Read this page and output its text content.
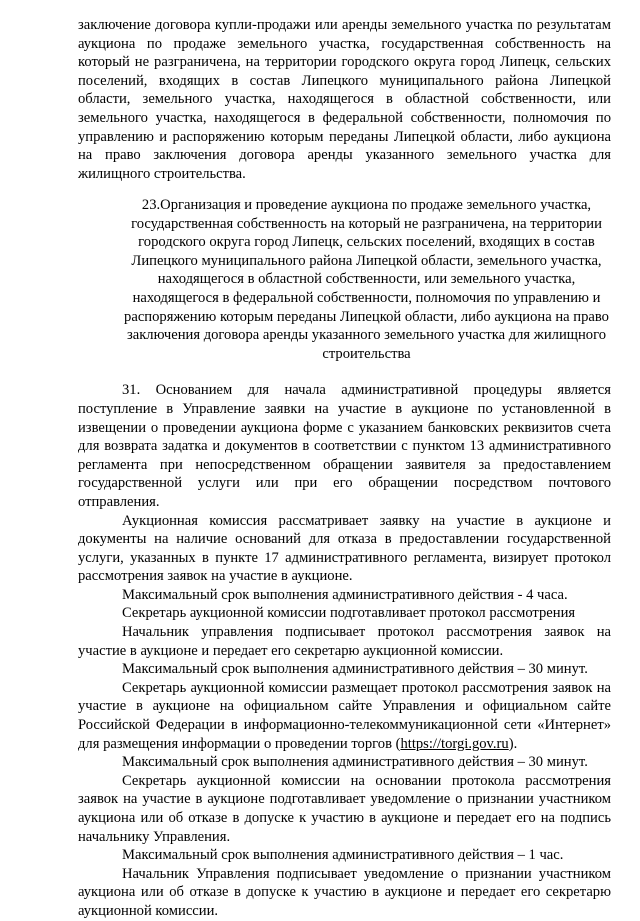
заключение договора купли-продажи или аренды земельного участка по результатам аукциона по продаже земельного участка, государственная собственность на который не разграничена, на территории городского округа город Липецк, сельских поселений, входящих в состав Липецкого муниципального района Липецкой области, земельного участка, находящегося в областной собственности, или земельного участка, находящегося в федеральной собственности, полномочия по управлению и распоряжению которым переданы Липецкой области, либо аукциона на право заключения договора аренды указанного земельного участка для жилищного строительства.

23.Организация и проведение аукциона по продаже земельного участка, государственная собственность на который не разграничена, на территории городского округа город Липецк, сельских поселений, входящих в состав Липецкого муниципального района Липецкой области, земельного участка, находящегося в областной собственности, или земельного участка, находящегося в федеральной собственности, полномочия по управлению и распоряжению которым переданы Липецкой области, либо аукциона на право заключения договора аренды указанного земельного участка для жилищного строительства

31. Основанием для начала административной процедуры является поступление в Управление заявки на участие в аукционе по установленной в извещении о проведении аукциона форме с указанием банковских реквизитов счета для возврата задатка и документов в соответствии с пунктом 13 административного регламента при непосредственном обращении заявителя за предоставлением государственной услуги или при его обращении посредством почтового отправления.

Аукционная комиссия рассматривает заявку на участие в аукционе и документы на наличие оснований для отказа в предоставлении государственной услуги, указанных в пункте 17 административного регламента, визирует протокол рассмотрения заявок на участие в аукционе.

Максимальный срок выполнения административного действия - 4 часа.

Секретарь аукционной комиссии подготавливает протокол рассмотрения

Начальник управления подписывает протокол рассмотрения заявок на участие в аукционе и передает его секретарю аукционной комиссии.

Максимальный срок выполнения административного действия – 30 минут.

Секретарь аукционной комиссии размещает протокол рассмотрения заявок на участие в аукционе на официальном сайте Управления и официальном сайте Российской Федерации в информационно-телекоммуникационной сети «Интернет» для размещения информации о проведении торгов (https://torgi.gov.ru).

Максимальный срок выполнения административного действия – 30 минут.

Секретарь аукционной комиссии на основании протокола рассмотрения заявок на участие в аукционе подготавливает уведомление о признании участником аукциона или об отказе в допуске к участию в аукционе и передает его на подпись начальнику Управления.

Максимальный срок выполнения административного действия – 1 час.

Начальник Управления подписывает уведомление о признании участником аукциона или об отказе в допуске к участию в аукционе и передает его секретарю аукционной комиссии.
